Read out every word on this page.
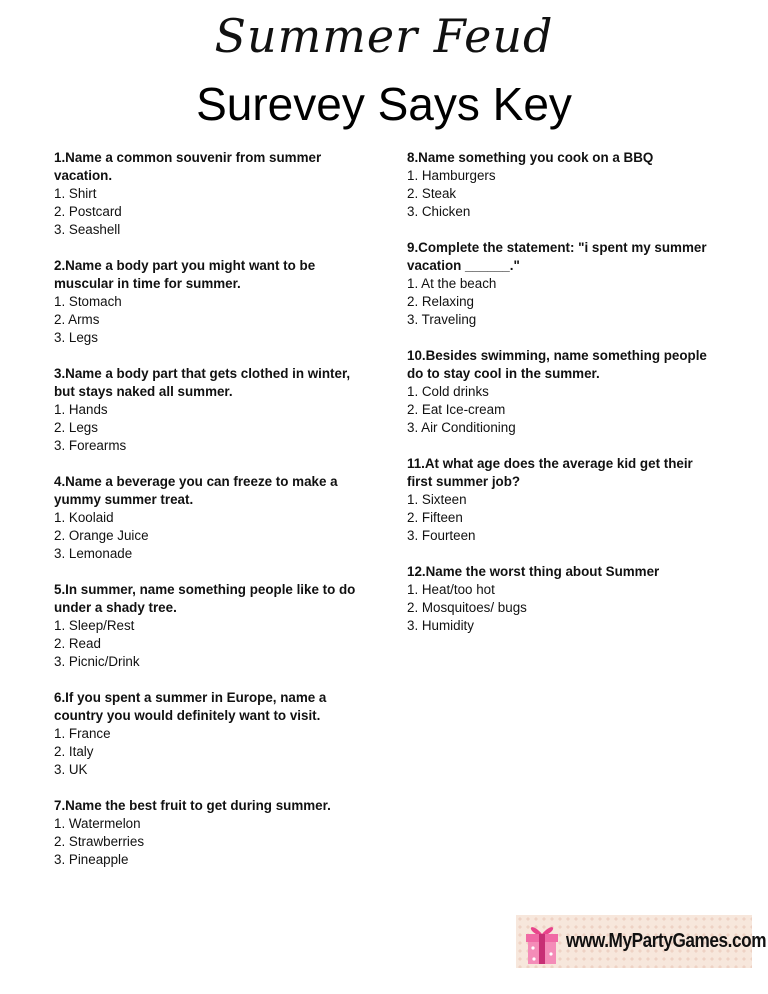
Summer Feud
Surevey Says Key

1.Name a common souvenir from summer vacation.

1. Shirt
2. Postcard
3. Seashell

2.Name a body part you might want to be muscular in time for summer.

1. Stomach
2. Arms
3. Legs

3.Name a body part that gets clothed in winter, but stays naked all summer.

1. Hands
2. Legs
3. Forearms

4.Name a beverage you can freeze to make a yummy summer treat.

1. Koolaid
2. Orange Juice
3. Lemonade

5.In summer, name something people like to do under a shady tree.

1. Sleep/Rest
2. Read
3. Picnic/Drink

6.If you spent a summer in Europe, name a country you would definitely want to visit.

1. France
2. Italy
3. UK

7.Name the best fruit to get during summer.

1. Watermelon
2. Strawberries
3. Pineapple

8.Name something you cook on a BBQ

1. Hamburgers
2. Steak
3. Chicken

9.Complete the statement: "i spent my summer vacation ______."

1. At the beach
2. Relaxing
3. Traveling

10.Besides swimming, name something people do to stay cool in the summer.

1. Cold drinks
2. Eat Ice-cream
3. Air Conditioning

11.At what age does the average kid get their first summer job?

1. Sixteen
2. Fifteen
3. Fourteen

12.Name the worst thing about Summer

1. Heat/too hot
2. Mosquitoes/ bugs
3. Humidity
www.MyPartyGames.com
